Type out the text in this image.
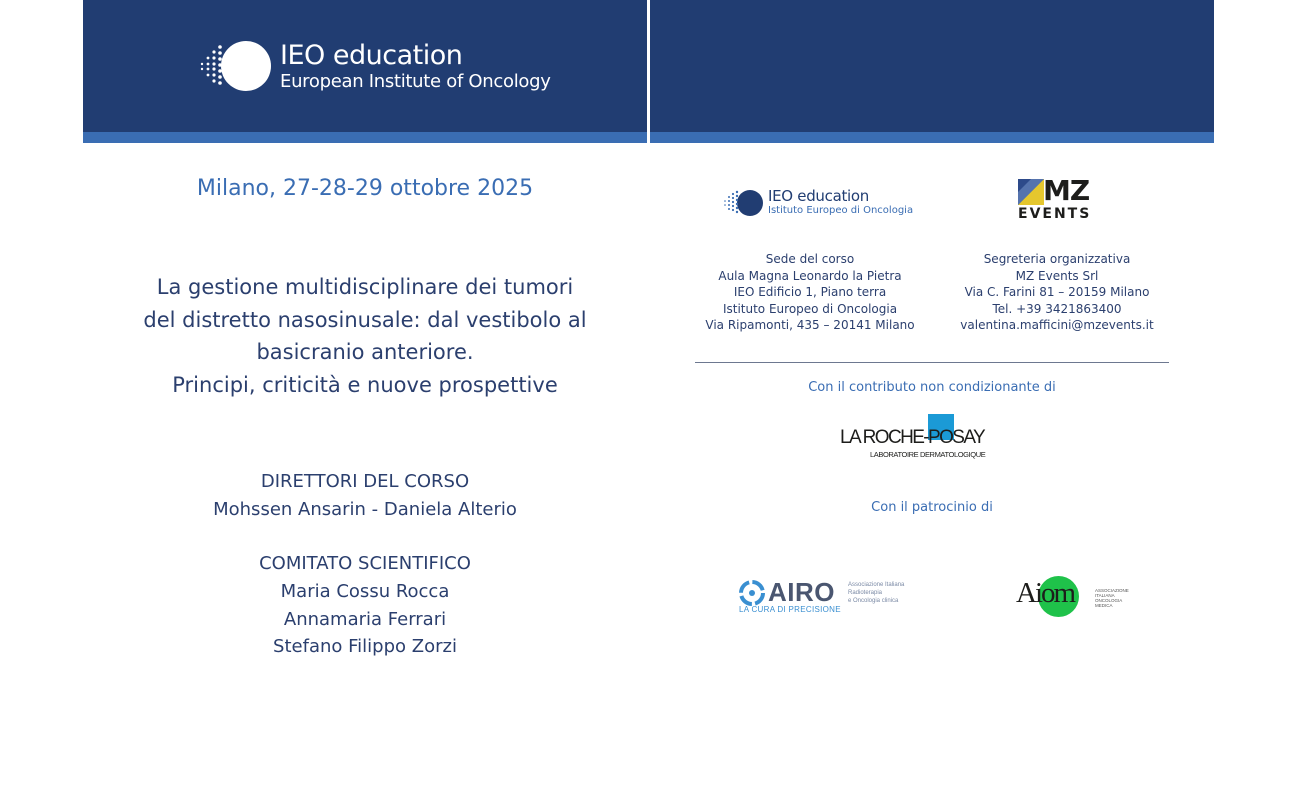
IEO education
European Institute of Oncology
Milano, 27-28-29 ottobre 2025
La gestione multidisciplinare dei tumori
del distretto nasosinusale: dal vestibolo al
basicranio anteriore.
Principi, criticità e nuove prospettive
DIRETTORI DEL CORSO
Mohssen Ansarin - Daniela Alterio
COMITATO SCIENTIFICO
Maria Cossu Rocca
Annamaria Ferrari
Stefano Filippo Zorzi
IEO education
Istituto Europeo di Oncologia
MZ
EVENTS
Sede del corso
Aula Magna Leonardo la Pietra
IEO Edificio 1, Piano terra
Istituto Europeo di Oncologia
Via Ripamonti, 435 – 20141 Milano
Segreteria organizzativa
MZ Events Srl
Via C. Farini 81 – 20159 Milano
Tel. +39 3421863400
valentina.mafficini@mzevents.it
Con il contributo non condizionante di
LA ROCHE-POSAY
LABORATOIRE DERMATOLOGIQUE
Con il patrocinio di
AIRO
LA CURA DI PRECISIONE
Associazione Italiana
Radioterapia
e Oncologia clinica	Aiom	ASSOCIAZIONE
ITALIANA
ONCOLOGIA
MEDICA
